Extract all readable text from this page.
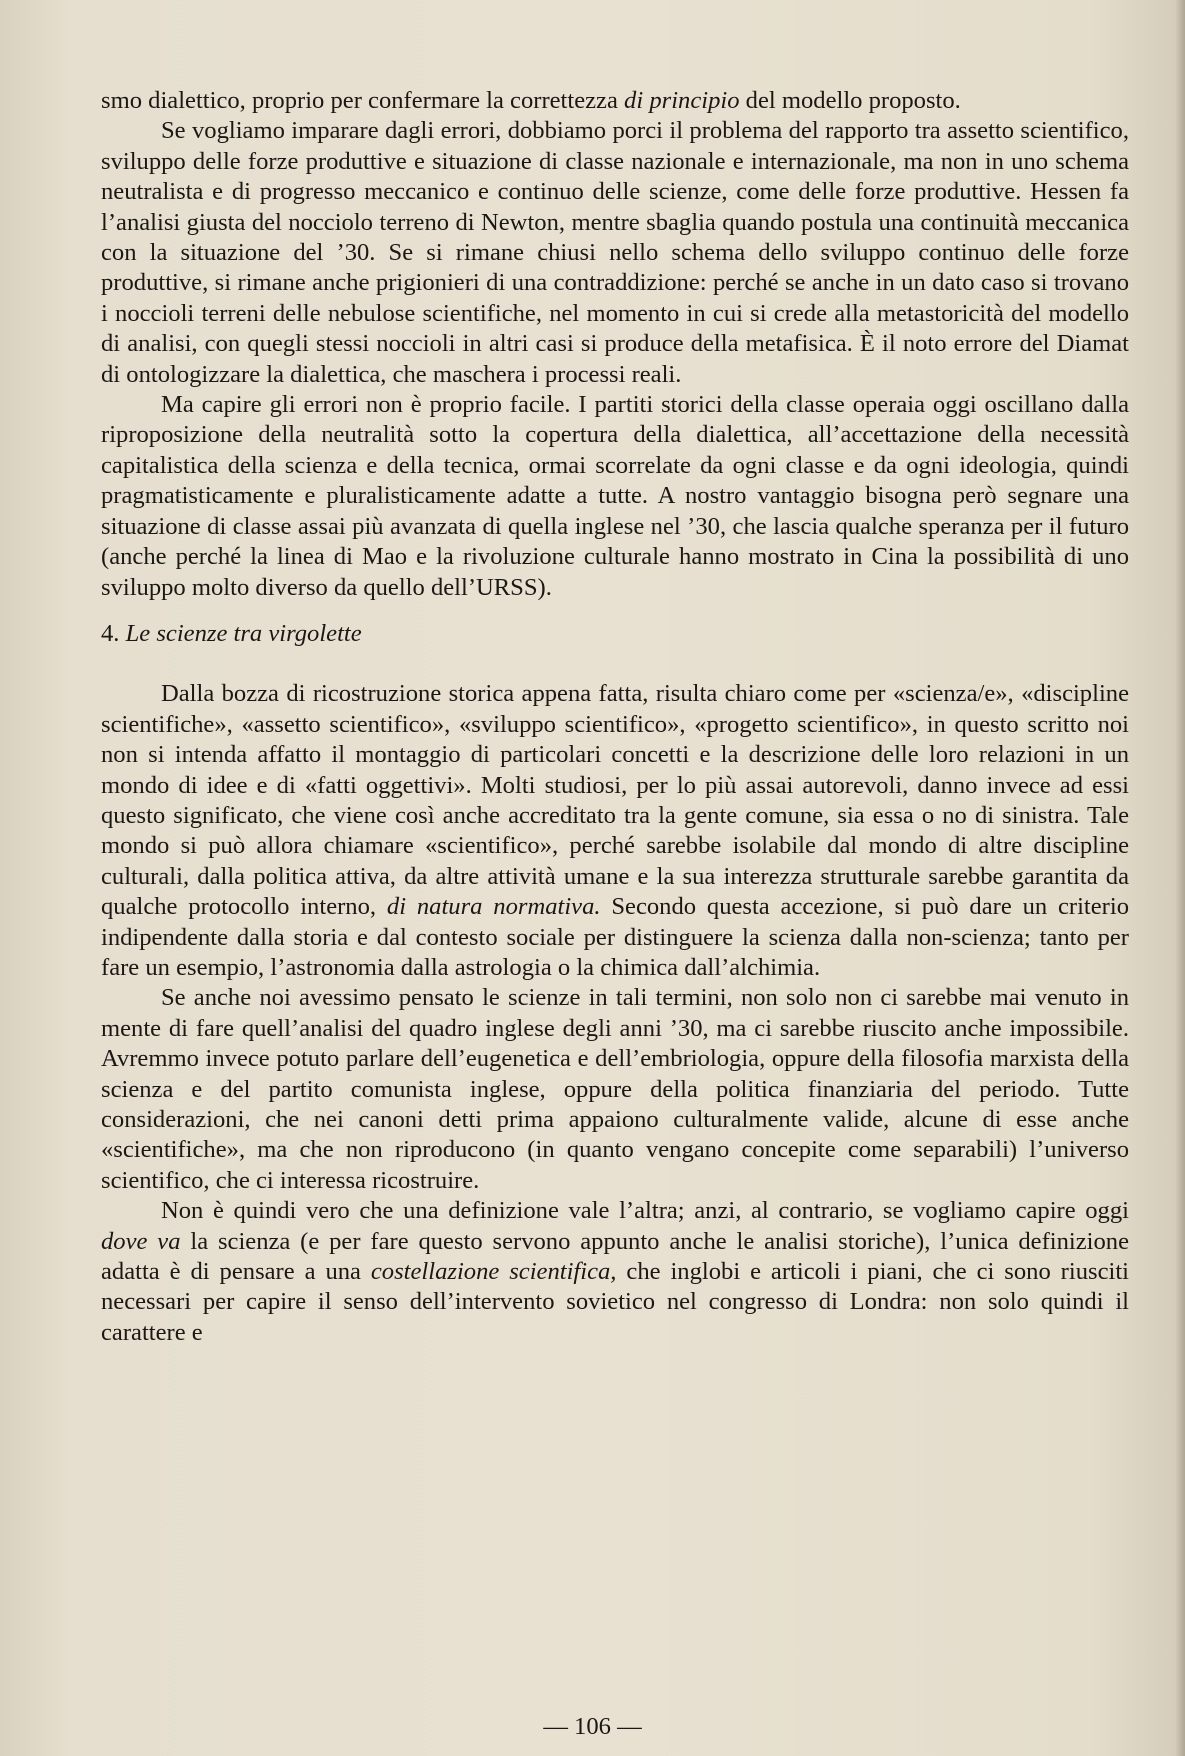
smo dialettico, proprio per confermare la correttezza di principio del modello proposto.

Se vogliamo imparare dagli errori, dobbiamo porci il problema del rapporto tra assetto scientifico, sviluppo delle forze produttive e situazione di classe nazionale e internazionale, ma non in uno schema neutralista e di progresso meccanico e continuo delle scienze, come delle forze produttive. Hessen fa l’analisi giusta del nocciolo terreno di Newton, mentre sbaglia quando postula una continuità meccanica con la situazione del ’30. Se si rimane chiusi nello schema dello sviluppo continuo delle forze produttive, si rimane anche prigionieri di una contraddizione: perché se anche in un dato caso si trovano i noccioli terreni delle nebulose scientifiche, nel momento in cui si crede alla metastoricità del modello di analisi, con quegli stessi noccioli in altri casi si produce della metafisica. È il noto errore del Diamat di ontologizzare la dialettica, che maschera i processi reali.

Ma capire gli errori non è proprio facile. I partiti storici della classe operaia oggi oscillano dalla riproposizione della neutralità sotto la copertura della dialettica, all’accettazione della necessità capitalistica della scienza e della tecnica, ormai scorrelate da ogni classe e da ogni ideologia, quindi pragmatisticamente e pluralisticamente adatte a tutte. A nostro vantaggio bisogna però segnare una situazione di classe assai più avanzata di quella inglese nel ’30, che lascia qualche speranza per il futuro (anche perché la linea di Mao e la rivoluzione culturale hanno mostrato in Cina la possibilità di uno sviluppo molto diverso da quello dell’URSS).

4. Le scienze tra virgolette

Dalla bozza di ricostruzione storica appena fatta, risulta chiaro come per «scienza/e», «discipline scientifiche», «assetto scientifico», «sviluppo scientifico», «progetto scientifico», in questo scritto noi non si intenda affatto il montaggio di particolari concetti e la descrizione delle loro relazioni in un mondo di idee e di «fatti oggettivi». Molti studiosi, per lo più assai autorevoli, danno invece ad essi questo significato, che viene così anche accreditato tra la gente comune, sia essa o no di sinistra. Tale mondo si può allora chiamare «scientifico», perché sarebbe isolabile dal mondo di altre discipline culturali, dalla politica attiva, da altre attività umane e la sua interezza strutturale sarebbe garantita da qualche protocollo interno, di natura normativa. Secondo questa accezione, si può dare un criterio indipendente dalla storia e dal contesto sociale per distinguere la scienza dalla non-scienza; tanto per fare un esempio, l’astronomia dalla astrologia o la chimica dall’alchimia.

Se anche noi avessimo pensato le scienze in tali termini, non solo non ci sarebbe mai venuto in mente di fare quell’analisi del quadro inglese degli anni ’30, ma ci sarebbe riuscito anche impossibile. Avremmo invece potuto parlare dell’eugenetica e dell’embriologia, oppure della filosofia marxista della scienza e del partito comunista inglese, oppure della politica finanziaria del periodo. Tutte considerazioni, che nei canoni detti prima appaiono culturalmente valide, alcune di esse anche «scientifiche», ma che non riproducono (in quanto vengano concepite come separabili) l’universo scientifico, che ci interessa ricostruire.

Non è quindi vero che una definizione vale l’altra; anzi, al contrario, se vogliamo capire oggi dove va la scienza (e per fare questo servono appunto anche le analisi storiche), l’unica definizione adatta è di pensare a una costellazione scientifica, che inglobi e articoli i piani, che ci sono riusciti necessari per capire il senso dell’intervento sovietico nel congresso di Londra: non solo quindi il carattere e

— 106 —
